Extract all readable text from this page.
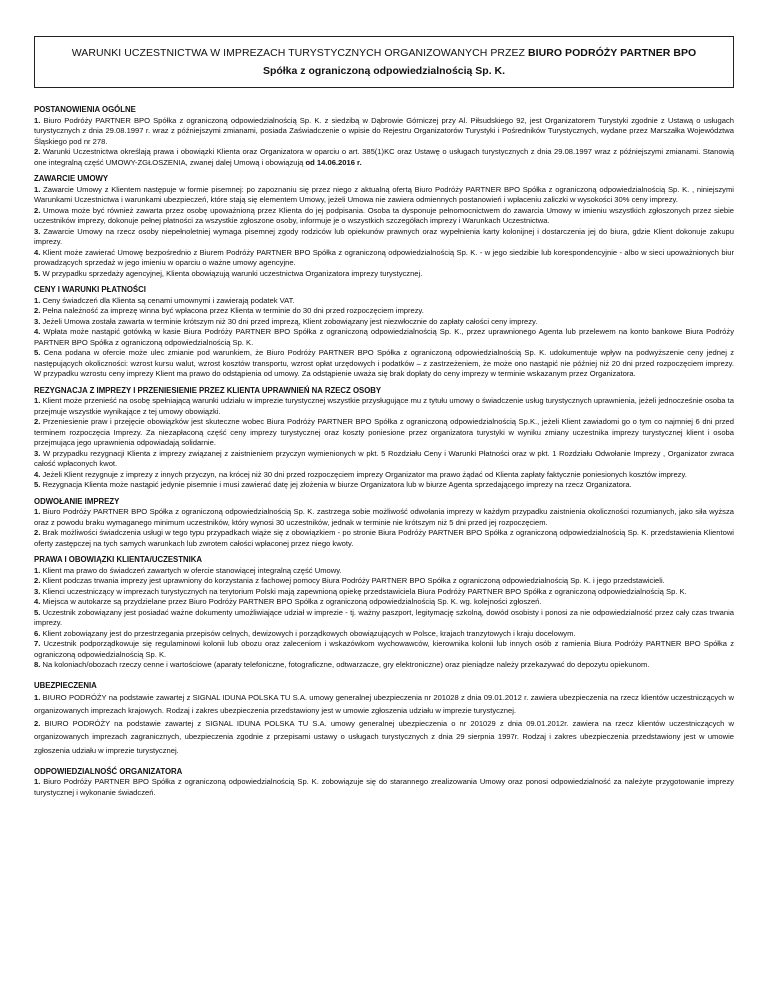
WARUNKI UCZESTNICTWA W IMPREZACH TURYSTYCZNYCH ORGANIZOWANYCH PRZEZ BIURO PODRÓŻY PARTNER BPO
Spółka z ograniczoną odpowiedzialnością Sp. K.
POSTANOWIENIA OGÓLNE

1. Biuro Podróży PARTNER BPO Spółka z ograniczoną odpowiedzialnością Sp. K. z siedzibą w Dąbrowie Górniczej przy Al. Piłsudskiego 92, jest Organizatorem Turystyki zgodnie z Ustawą o usługach turystycznych z dnia 29.08.1997 r. wraz z późniejszymi zmianami, posiada Zaświadczenie o wpisie do Rejestru Organizatorów Turystyki i Pośredników Turystycznych, wydane przez Marszałka Województwa Śląskiego pod nr 278.

2. Warunki Uczestnictwa określają prawa i obowiązki Klienta oraz Organizatora w oparciu o art. 385(1)KC oraz Ustawę o usługach turystycznych z dnia 29.08.1997 wraz z późniejszymi zmianami. Stanowią one integralną część UMOWY-ZGŁOSZENIA, zwanej dalej Umową i obowiązują od 14.06.2016 r.

ZAWARCIE UMOWY

1. Zawarcie Umowy z Klientem następuje w formie pisemnej: po zapoznaniu się przez niego z aktualną ofertą Biuro Podróży PARTNER BPO Spółka z ograniczoną odpowiedzialnością Sp. K. , niniejszymi Warunkami Uczestnictwa i warunkami ubezpieczeń, które stają się elementem Umowy, jeżeli Umowa nie zawiera odmiennych postanowień i wpłaceniu zaliczki w wysokości 30% ceny imprezy.

2. Umowa może być również zawarta przez osobę upoważnioną przez Klienta do jej podpisania. Osoba ta dysponuje pełnomocnictwem do zawarcia Umowy w imieniu wszystkich zgłoszonych przez siebie uczestników imprezy, dokonuje pełnej płatności za wszystkie zgłoszone osoby, informuje je o wszystkich szczegółach imprezy i Warunkach Uczestnictwa.

3. Zawarcie Umowy na rzecz osoby niepełnoletniej wymaga pisemnej zgody rodziców lub opiekunów prawnych oraz wypełnienia karty kolonijnej i dostarczenia jej do biura, gdzie Klient dokonuje zakupu imprezy.

4. Klient może zawierać Umowę bezpośrednio z Biurem Podróży PARTNER BPO Spółka z ograniczoną odpowiedzialnością Sp. K. - w jego siedzibie lub korespondencyjnie - albo w sieci upoważnionych biur prowadzących sprzedaż w jego imieniu w oparciu o ważne umowy agencyjne.

5. W przypadku sprzedaży agencyjnej, Klienta obowiązują warunki uczestnictwa Organizatora imprezy turystycznej.

CENY I WARUNKI PŁATNOŚCI

1. Ceny świadczeń dla Klienta są cenami umownymi i zawierają podatek VAT.

2. Pełna należność za imprezę winna być wpłacona przez Klienta w terminie do 30 dni przed rozpoczęciem imprezy.

3. Jeżeli Umowa została zawarta w terminie krótszym niż 30 dni przed imprezą, Klient zobowiązany jest niezwłocznie do zapłaty całości ceny imprezy.

4. Wpłata może nastąpić gotówką w kasie Biura Podróży PARTNER BPO Spółka z ograniczoną odpowiedzialnością Sp. K., przez uprawnionego Agenta lub przelewem na konto bankowe Biura Podróży PARTNER BPO Spółka z ograniczoną odpowiedzialnością Sp. K.

5. Cena podana w ofercie może ulec zmianie pod warunkiem, że Biuro Podróży PARTNER BPO Spółka z ograniczoną odpowiedzialnością Sp. K. udokumentuje wpływ na podwyższenie ceny jednej z następujących okoliczności: wzrost kursu walut, wzrost kosztów transportu, wzrost opłat urzędowych i podatków – z zastrzeżeniem, że może ono nastąpić nie później niż 20 dni przed rozpoczęciem imprezy. W przypadku wzrostu ceny imprezy Klient ma prawo do odstąpienia od umowy. Za odstąpienie uważa się brak dopłaty do ceny imprezy w terminie wskazanym przez Organizatora.

REZYGNACJA Z IMPREZY I PRZENIESIENIE PRZEZ KLIENTA UPRAWNIEŃ NA RZECZ OSOBY

1. Klient może przenieść na osobę spełniającą warunki udziału w imprezie turystycznej wszystkie przysługujące mu z tytułu umowy o świadczenie usług turystycznych uprawnienia, jeżeli jednocześnie osoba ta przejmuje wszystkie wynikające z tej umowy obowiązki.

2. Przeniesienie praw i przejęcie obowiązków jest skuteczne wobec Biura Podróży PARTNER BPO Spółka z ograniczoną odpowiedzialnością Sp.K., jeżeli Klient zawiadomi go o tym co najmniej 6 dni przed terminem rozpoczęcia Imprezy. Za niezapłaconą część ceny imprezy turystycznej oraz koszty poniesione przez organizatora turystyki w wyniku zmiany uczestnika imprezy turystycznej klient i osoba przejmująca jego uprawnienia odpowiadają solidarnie.

3. W przypadku rezygnacji Klienta z imprezy związanej z zaistnieniem przyczyn wymienionych w pkt. 5 Rozdziału Ceny i Warunki Płatności oraz w pkt. 1 Rozdziału Odwołanie Imprezy , Organizator zwraca całość wpłaconych kwot.

4. Jeżeli Klient rezygnuje z imprezy z innych przyczyn, na krócej niż 30 dni przed rozpoczęciem imprezy Organizator ma prawo żądać od Klienta zapłaty faktycznie poniesionych kosztów imprezy.

5. Rezygnacja Klienta może nastąpić jedynie pisemnie i musi zawierać datę jej złożenia w biurze Organizatora lub w biurze Agenta sprzedającego imprezy na rzecz Organizatora.

ODWOŁANIE IMPREZY

1. Biuro Podróży PARTNER BPO Spółka z ograniczoną odpowiedzialnością Sp. K. zastrzega sobie możliwość odwołania imprezy w każdym przypadku zaistnienia okoliczności rozumianych, jako siła wyższa oraz z powodu braku wymaganego minimum uczestników, który wynosi 30 uczestników, jednak w terminie nie krótszym niż 5 dni przed jej rozpoczęciem.

2. Brak możliwości świadczenia usługi w tego typu przypadkach wiąże się z obowiązkiem - po stronie Biura Podróży PARTNER BPO Spółka z ograniczoną odpowiedzialnością Sp. K. przedstawienia Klientowi oferty zastępczej na tych samych warunkach lub zwrotem całości wpłaconej przez niego kwoty.

PRAWA I OBOWIĄZKI KLIENTA/UCZESTNIKA

1. Klient ma prawo do świadczeń zawartych w ofercie stanowiącej integralną część Umowy.

2. Klient podczas trwania imprezy jest uprawniony do korzystania z fachowej pomocy Biura Podróży PARTNER BPO Spółka z ograniczoną odpowiedzialnością Sp. K. i jego przedstawicieli.

3. Klienci uczestniczący w imprezach turystycznych na terytorium Polski mają zapewnioną opiekę przedstawiciela Biura Podróży PARTNER BPO Spółka z ograniczoną odpowiedzialnością Sp. K.

4. Miejsca w autokarze są przydzielane przez Biuro Podróży PARTNER BPO Spółka z ograniczoną odpowiedzialnością Sp. K. wg. kolejności zgłoszeń.

5. Uczestnik zobowiązany jest posiadać ważne dokumenty umożliwiające udział w imprezie - tj. ważny paszport, legitymację szkolną, dowód osobisty i ponosi za nie odpowiedzialność przez cały czas trwania imprezy.

6. Klient zobowiązany jest do przestrzegania przepisów celnych, dewizowych i porządkowych obowiązujących w Polsce, krajach tranzytowych i kraju docelowym.

7. Uczestnik podporządkowuje się regulaminowi kolonii lub obozu oraz zaleceniom i wskazówkom wychowawców, kierownika kolonii lub innych osób z ramienia Biura Podróży PARTNER BPO Spółka z ograniczoną odpowiedzialnością Sp. K.

8. Na koloniach/obozach rzeczy cenne i wartościowe (aparaty telefoniczne, fotograficzne, odtwarzacze, gry elektroniczne) oraz pieniądze należy przekazywać do depozytu opiekunom.

UBEZPIECZENIA

1. BIURO PODRÓŻY na podstawie zawartej z SIGNAL IDUNA POLSKA TU S.A. umowy generalnej ubezpieczenia nr 201028 z dnia 09.01.2012 r. zawiera ubezpieczenia na rzecz klientów uczestniczących w organizowanych imprezach krajowych. Rodzaj i zakres ubezpieczenia przedstawiony jest w umowie zgłoszenia udziału w imprezie turystycznej.

2. BIURO PODRÓŻY na podstawie zawartej z SIGNAL IDUNA POLSKA TU S.A. umowy generalnej ubezpieczenia o nr 201029 z dnia 09.01.2012r. zawiera na rzecz klientów uczestniczących w organizowanych imprezach zagranicznych, ubezpieczenia zgodnie z przepisami ustawy o usługach turystycznych z dnia 29 sierpnia 1997r. Rodzaj i zakres ubezpieczenia przedstawiony jest w umowie zgłoszenia udziału w imprezie turystycznej.

ODPOWIEDZIALNOŚĆ ORGANIZATORA

1. Biuro Podróży PARTNER BPO Spółka z ograniczoną odpowiedzialnością Sp. K. zobowiązuje się do starannego zrealizowania Umowy oraz ponosi odpowiedzialność za należyte przygotowanie imprezy turystycznej i wykonanie świadczeń.
